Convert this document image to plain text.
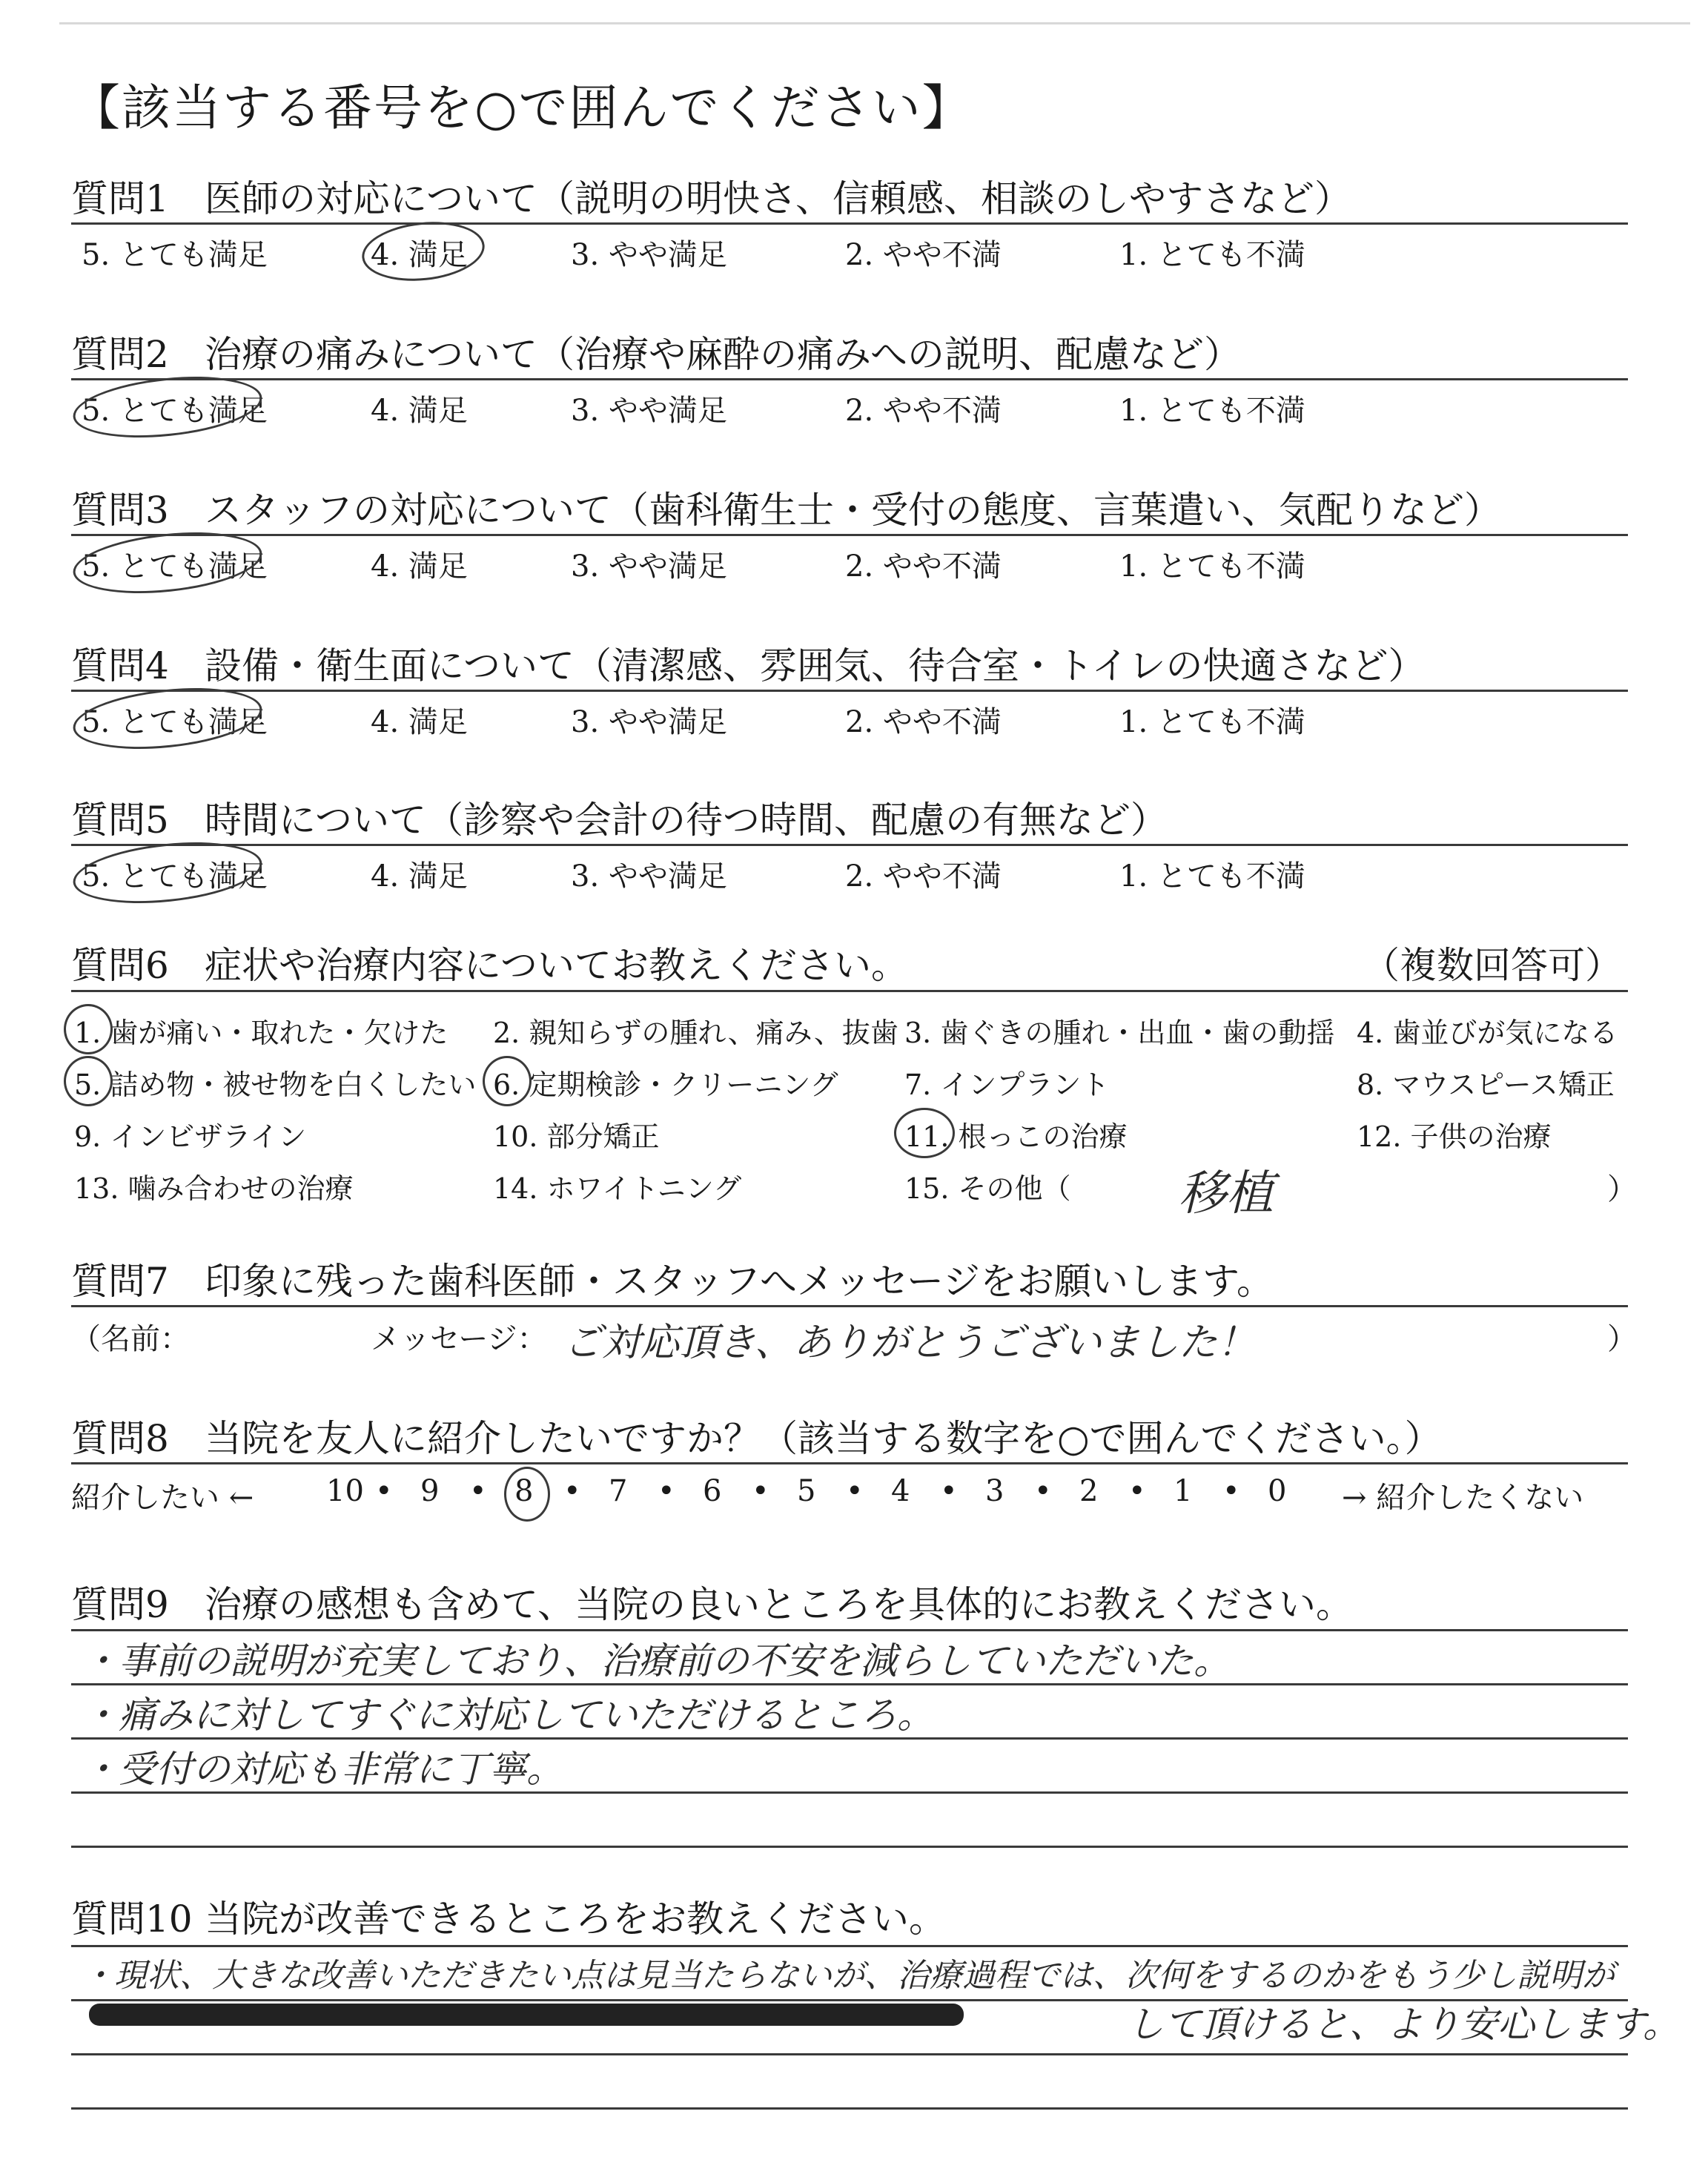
【該当する番号を○で囲んでください】
質問1 医師の対応について（説明の明快さ、信頼感、相談のしやすさなど）
5. とても満足	4. 満足	3. やや満足	2. やや不満	1. とても不満
質問2 治療の痛みについて（治療や麻酔の痛みへの説明、配慮など）
5. とても満足	4. 満足	3. やや満足	2. やや不満	1. とても不満
質問3 スタッフの対応について（歯科衛生士・受付の態度、言葉遣い、気配りなど）
5. とても満足	4. 満足	3. やや満足	2. やや不満	1. とても不満
質問4 設備・衛生面について（清潔感、雰囲気、待合室・トイレの快適さなど）
5. とても満足	4. 満足	3. やや満足	2. やや不満	1. とても不満
質問5 時間について（診察や会計の待つ時間、配慮の有無など）
5. とても満足	4. 満足	3. やや満足	2. やや不満	1. とても不満
質問6 症状や治療内容についてお教えください。	（複数回答可）
1. 歯が痛い・取れた・欠けた 2. 親知らずの腫れ、痛み、抜歯 3. 歯ぐきの腫れ・出血・歯の動揺 4. 歯並びが気になる
5. 詰め物・被せ物を白くしたい 6. 定期検診・クリーニング 7. インプラント	8. マウスピース矯正
9. インビザライン	10. 部分矯正	11. 根っこの治療	12. 子供の治療
13. 噛み合わせの治療	14. ホワイトニング	15. その他（	）
移植
質問7 印象に残った歯科医師・スタッフへメッセージをお願いします。
（名前：	メッセージ： ご対応頂き、ありがとうございました！	）
質問8 当院を友人に紹介したいですか？（該当する数字を○で囲んでください。）
紹介したい ← 10 • 9 • 8 • 7 • 6 • 5 • 4 • 3 • 2 • 1 • 0 → 紹介したくない
質問9 治療の感想も含めて、当院の良いところを具体的にお教えください。
・事前の説明が充実しており、治療前の不安を減らしていただいた。
・痛みに対してすぐに対応していただけるところ。
・受付の対応も非常に丁寧。
質問10 当院が改善できるところをお教えください。
・現状、大きな改善いただきたい点は見当たらないが、治療過程では、次何をするのかをもう少し説明が
して頂けると、より安心します。
